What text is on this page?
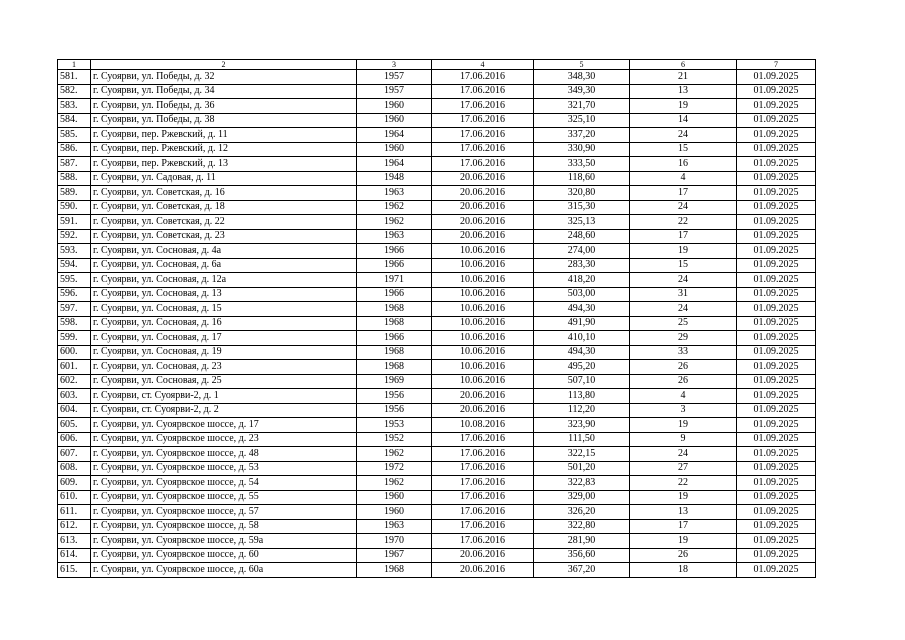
1	2	3	4	5	6	7
581.	г. Суоярви, ул. Победы, д. 32	1957	17.06.2016	348,30	21	01.09.2025
582.	г. Суоярви, ул. Победы, д. 34	1957	17.06.2016	349,30	13	01.09.2025
583.	г. Суоярви, ул. Победы, д. 36	1960	17.06.2016	321,70	19	01.09.2025
584.	г. Суоярви, ул. Победы, д. 38	1960	17.06.2016	325,10	14	01.09.2025
585.	г. Суоярви, пер. Ржевский, д. 11	1964	17.06.2016	337,20	24	01.09.2025
586.	г. Суоярви, пер. Ржевский, д. 12	1960	17.06.2016	330,90	15	01.09.2025
587.	г. Суоярви, пер. Ржевский, д. 13	1964	17.06.2016	333,50	16	01.09.2025
588.	г. Суоярви, ул. Садовая, д. 11	1948	20.06.2016	118,60	4	01.09.2025
589.	г. Суоярви, ул. Советская, д. 16	1963	20.06.2016	320,80	17	01.09.2025
590.	г. Суоярви, ул. Советская, д. 18	1962	20.06.2016	315,30	24	01.09.2025
591.	г. Суоярви, ул. Советская, д. 22	1962	20.06.2016	325,13	22	01.09.2025
592.	г. Суоярви, ул. Советская, д. 23	1963	20.06.2016	248,60	17	01.09.2025
593.	г. Суоярви, ул. Сосновая, д. 4а	1966	10.06.2016	274,00	19	01.09.2025
594.	г. Суоярви, ул. Сосновая, д. 6а	1966	10.06.2016	283,30	15	01.09.2025
595.	г. Суоярви, ул. Сосновая, д. 12а	1971	10.06.2016	418,20	24	01.09.2025
596.	г. Суоярви, ул. Сосновая, д. 13	1966	10.06.2016	503,00	31	01.09.2025
597.	г. Суоярви, ул. Сосновая, д. 15	1968	10.06.2016	494,30	24	01.09.2025
598.	г. Суоярви, ул. Сосновая, д. 16	1968	10.06.2016	491,90	25	01.09.2025
599.	г. Суоярви, ул. Сосновая, д. 17	1966	10.06.2016	410,10	29	01.09.2025
600.	г. Суоярви, ул. Сосновая, д. 19	1968	10.06.2016	494,30	33	01.09.2025
601.	г. Суоярви, ул. Сосновая, д. 23	1968	10.06.2016	495,20	26	01.09.2025
602.	г. Суоярви, ул. Сосновая, д. 25	1969	10.06.2016	507,10	26	01.09.2025
603.	г. Суоярви, ст. Суоярви-2, д. 1	1956	20.06.2016	113,80	4	01.09.2025
604.	г. Суоярви, ст. Суоярви-2, д. 2	1956	20.06.2016	112,20	3	01.09.2025
605.	г. Суоярви, ул. Суоярвское шоссе, д. 17	1953	10.08.2016	323,90	19	01.09.2025
606.	г. Суоярви, ул. Суоярвское шоссе, д. 23	1952	17.06.2016	111,50	9	01.09.2025
607.	г. Суоярви, ул. Суоярвское шоссе, д. 48	1962	17.06.2016	322,15	24	01.09.2025
608.	г. Суоярви, ул. Суоярвское шоссе, д. 53	1972	17.06.2016	501,20	27	01.09.2025
609.	г. Суоярви, ул. Суоярвское шоссе, д. 54	1962	17.06.2016	322,83	22	01.09.2025
610.	г. Суоярви, ул. Суоярвское шоссе, д. 55	1960	17.06.2016	329,00	19	01.09.2025
611.	г. Суоярви, ул. Суоярвское шоссе, д. 57	1960	17.06.2016	326,20	13	01.09.2025
612.	г. Суоярви, ул. Суоярвское шоссе, д. 58	1963	17.06.2016	322,80	17	01.09.2025
613.	г. Суоярви, ул. Суоярвское шоссе, д. 59а	1970	17.06.2016	281,90	19	01.09.2025
614.	г. Суоярви, ул. Суоярвское шоссе, д. 60	1967	20.06.2016	356,60	26	01.09.2025
615.	г. Суоярви, ул. Суоярвское шоссе, д. 60а	1968	20.06.2016	367,20	18	01.09.2025
